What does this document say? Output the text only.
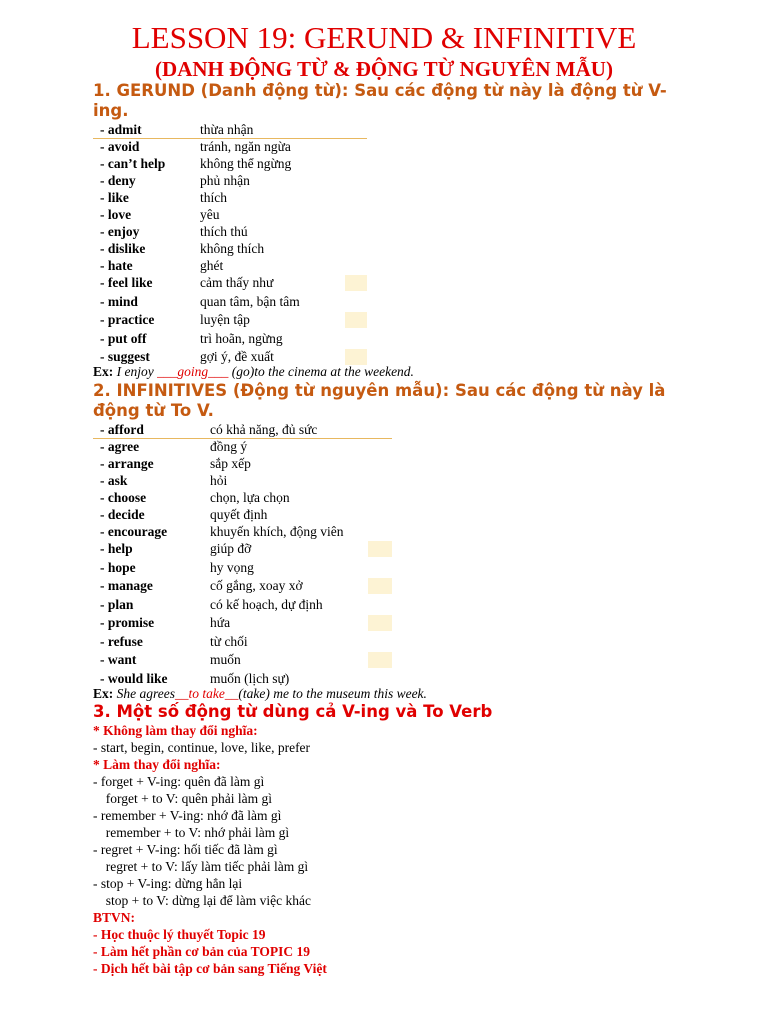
LESSON 19: GERUND & INFINITIVE
(DANH ĐỘNG TỪ & ĐỘNG TỪ NGUYÊN MẪU)
1. GERUND (Danh động từ): Sau các động từ này là động từ V-ing.
- admit	thừa nhận
- avoid	tránh, ngăn ngừa
- can’t help	không thể ngừng
- deny	phủ nhận
- like	thích
- love	yêu
- enjoy	thích thú
- dislike	không thích
- hate	ghét
- feel like	cảm thấy như
- mind	quan tâm, bận tâm
- practice	luyện tập
- put off	trì hoãn, ngừng
- suggest	gợi ý, đề xuất
Ex: I enjoy ___going___ (go)to the cinema at the weekend.
2. INFINITIVES (Động từ nguyên mẫu): Sau các động từ này là động từ To V.
- afford	có khả năng, đủ sức
- agree	đồng ý
- arrange	sắp xếp
- ask	hỏi
- choose	chọn, lựa chọn
- decide	quyết định
- encourage	khuyến khích, động viên
- help	giúp đỡ
- hope	hy vọng
- manage	cố gắng, xoay xở
- plan	có kế hoạch, dự định
- promise	hứa
- refuse	từ chối
- want	muốn
- would like	muốn (lịch sự)
Ex: She agrees__to take__(take) me to the museum this week.
3. Một số động từ dùng cả V-ing và To Verb
* Không làm thay đổi nghĩa:
- start, begin, continue, love, like, prefer
* Làm thay đổi nghĩa:
- forget + V-ing: quên đã làm gì
forget + to V: quên phải làm gì
- remember + V-ing: nhớ đã làm gì
remember + to V: nhớ phải làm gì
- regret + V-ing: hối tiếc đã làm gì
regret + to V: lấy làm tiếc phải làm gì
- stop + V-ing: dừng hẳn lại
stop + to V: dừng lại để làm việc khác
BTVN:
- Học thuộc lý thuyết Topic 19
- Làm hết phần cơ bản của TOPIC 19
- Dịch hết bài tập cơ bản sang Tiếng Việt
